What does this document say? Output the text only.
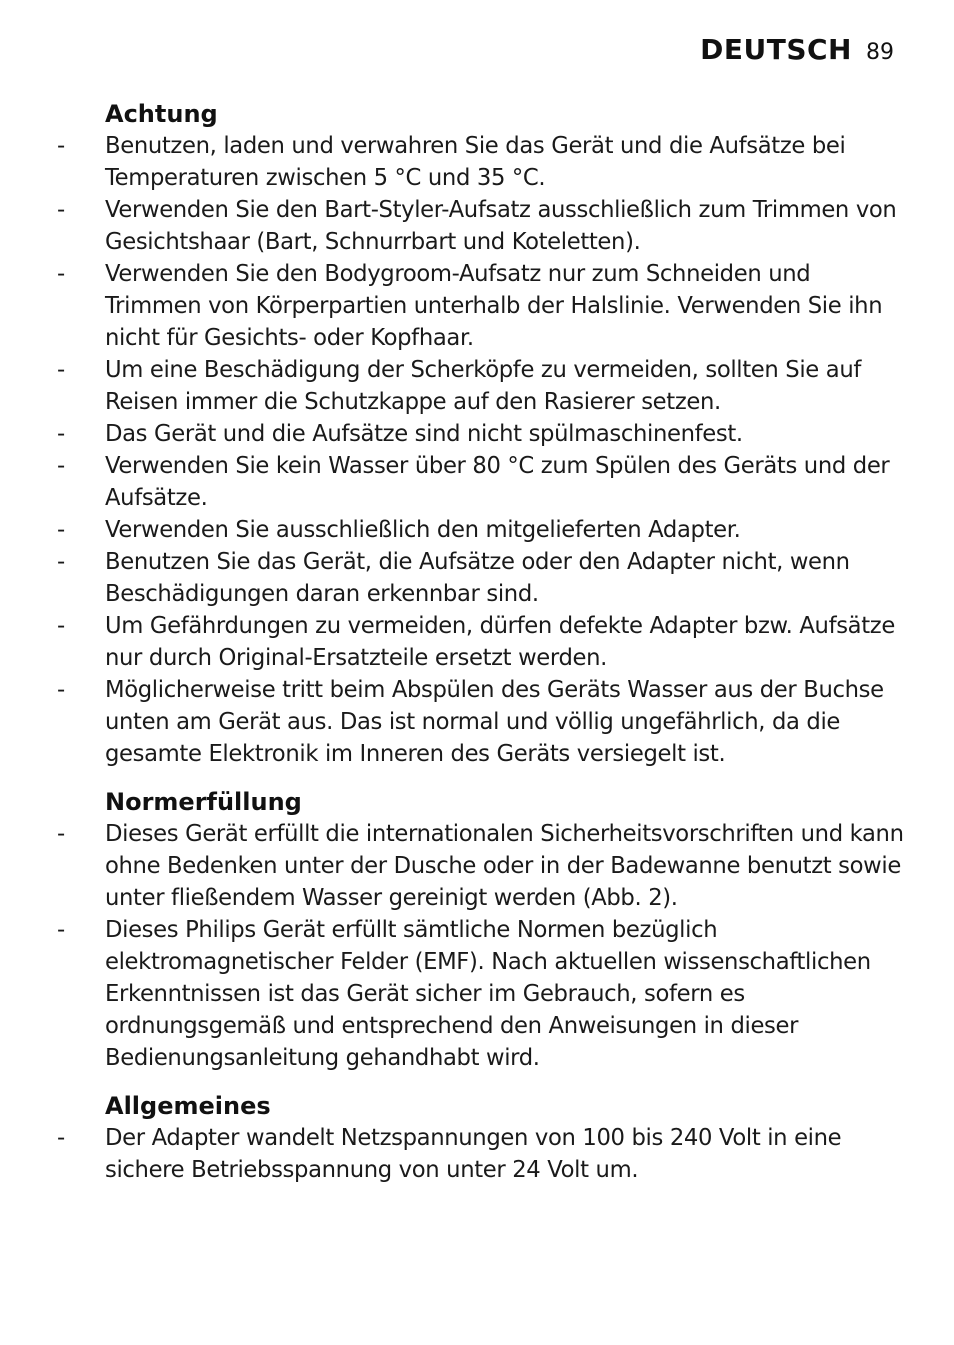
DEUTSCH 89
Achtung
-	Benutzen, laden und verwahren Sie das Gerät und die Aufsätze bei Temperaturen zwischen 5 °C und 35 °C.
-	Verwenden Sie den Bart-Styler-Aufsatz ausschließlich zum Trimmen von Gesichtshaar (Bart, Schnurrbart und Koteletten).
-	Verwenden Sie den Bodygroom-Aufsatz nur zum Schneiden und Trimmen von Körperpartien unterhalb der Halslinie. Verwenden Sie ihn nicht für Gesichts- oder Kopfhaar.
-	Um eine Beschädigung der Scherköpfe zu vermeiden, sollten Sie auf Reisen immer die Schutzkappe auf den Rasierer setzen.
-	Das Gerät und die Aufsätze sind nicht spülmaschinenfest.
-	Verwenden Sie kein Wasser über 80 °C zum Spülen des Geräts und der Aufsätze.
-	Verwenden Sie ausschließlich den mitgelieferten Adapter.
-	Benutzen Sie das Gerät, die Aufsätze oder den Adapter nicht, wenn Beschädigungen daran erkennbar sind.
-	Um Gefährdungen zu vermeiden, dürfen defekte Adapter bzw. Aufsätze nur durch Original-Ersatzteile ersetzt werden.
-	Möglicherweise tritt beim Abspülen des Geräts Wasser aus der Buchse unten am Gerät aus. Das ist normal und völlig ungefährlich, da die gesamte Elektronik im Inneren des Geräts versiegelt ist.
Normerfüllung
-	Dieses Gerät erfüllt die internationalen Sicherheitsvorschriften und kann ohne Bedenken unter der Dusche oder in der Badewanne benutzt sowie unter fließendem Wasser gereinigt werden (Abb. 2).
-	Dieses Philips Gerät erfüllt sämtliche Normen bezüglich elektromagnetischer Felder (EMF). Nach aktuellen wissenschaftlichen Erkenntnissen ist das Gerät sicher im Gebrauch, sofern es ordnungsgemäß und entsprechend den Anweisungen in dieser Bedienungsanleitung gehandhabt wird.
Allgemeines
-	Der Adapter wandelt Netzspannungen von 100 bis 240 Volt in eine sichere Betriebsspannung von unter 24 Volt um.
